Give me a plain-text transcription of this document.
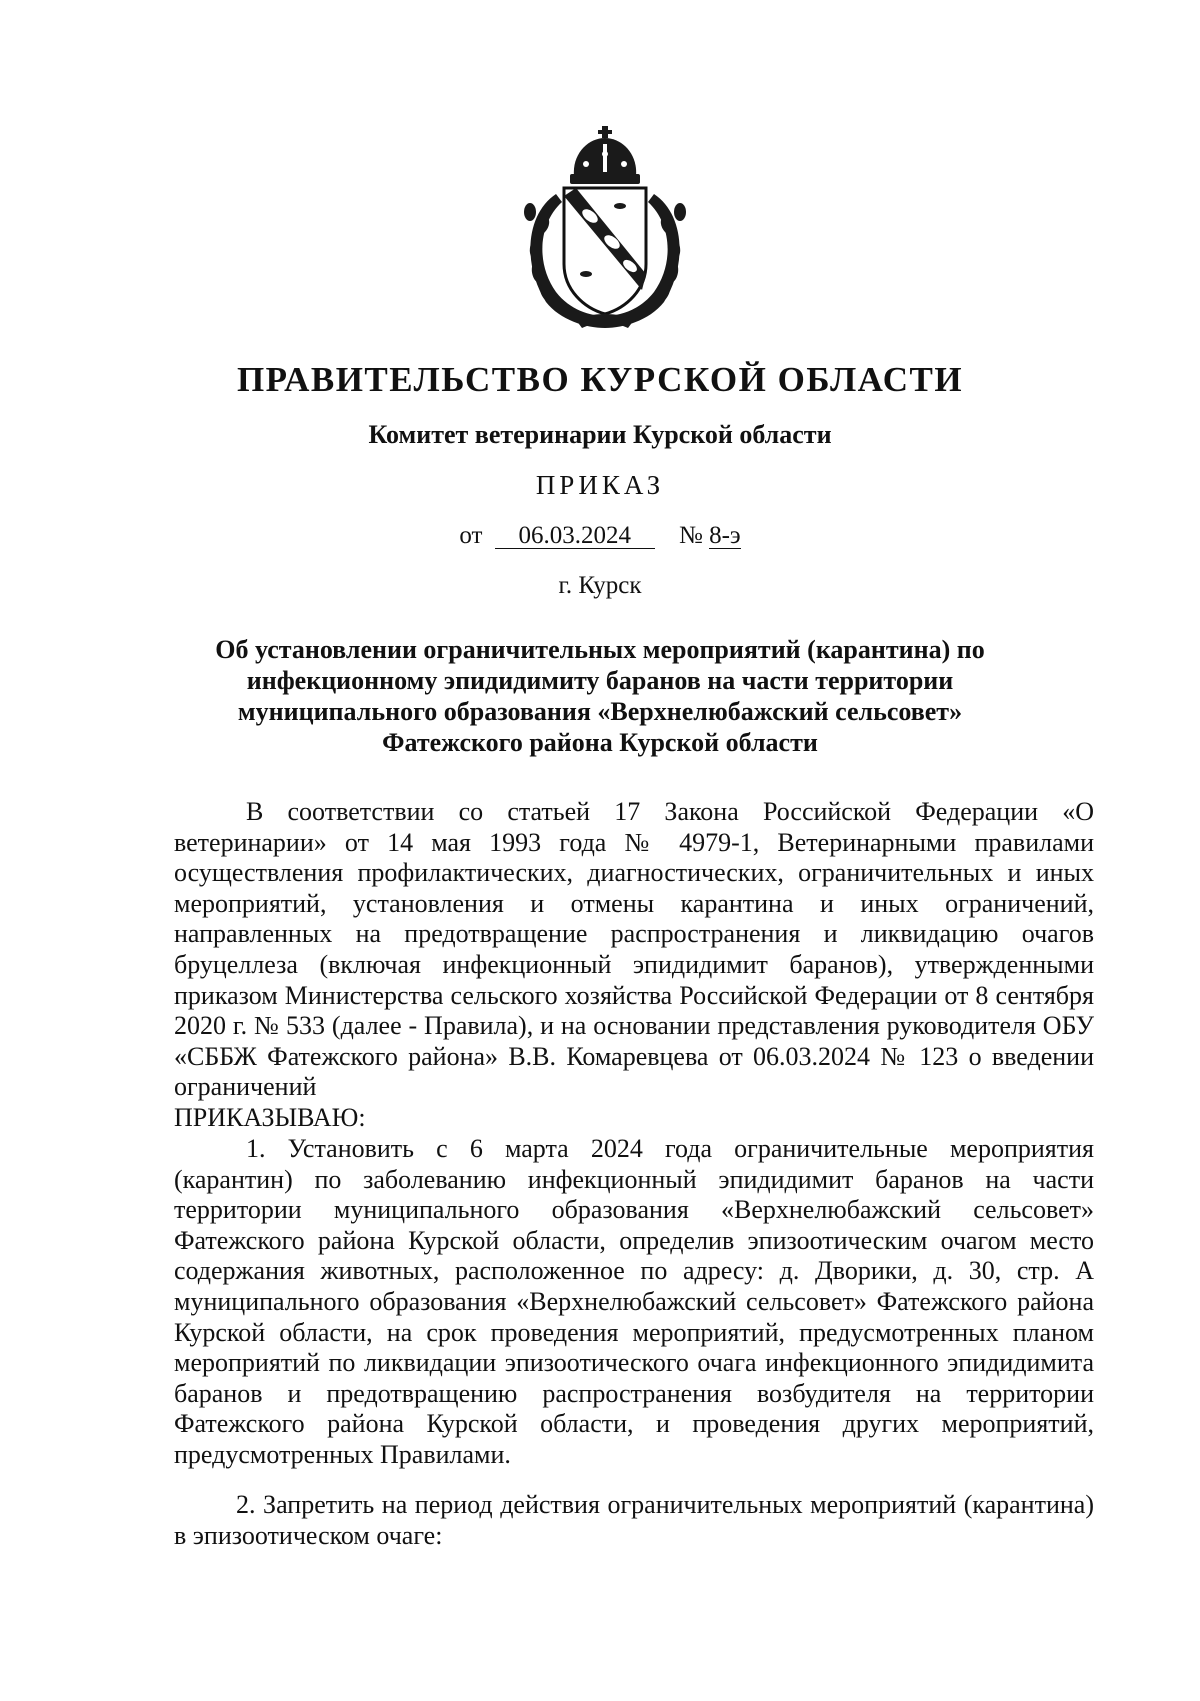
ПРАВИТЕЛЬСТВО КУРСКОЙ ОБЛАСТИ
Комитет ветеринарии Курской области
ПРИКАЗ
от 06.03.2024 № 8-э
г. Курск
Об установлении ограничительных мероприятий (карантина) по
инфекционному эпидидимиту баранов на части территории
муниципального образования «Верхнелюбажский сельсовет»
Фатежского района Курской области

В соответствии со статьей 17 Закона Российской Федерации «О ветеринарии» от 14 мая 1993 года № 4979-1, Ветеринарными правилами осуществления профилактических, диагностических, ограничительных и иных мероприятий, установления и отмены карантина и иных ограничений, направленных на предотвращение распространения и ликвидацию очагов бруцеллеза (включая инфекционный эпидидимит баранов), утвержденными приказом Министерства сельского хозяйства Российской Федерации от 8 сентября 2020 г. № 533 (далее - Правила), и на основании представления руководителя ОБУ «СББЖ Фатежского района» В.В. Комаревцева от 06.03.2024 № 123 о введении ограничений

ПРИКАЗЫВАЮ:

1. Установить с 6 марта 2024 года ограничительные мероприятия (карантин) по заболеванию инфекционный эпидидимит баранов на части территории муниципального образования «Верхнелюбажский сельсовет» Фатежского района Курской области, определив эпизоотическим очагом место содержания животных, расположенное по адресу: д. Дворики, д. 30, стр. А муниципального образования «Верхнелюбажский сельсовет» Фатежского района Курской области, на срок проведения мероприятий, предусмотренных планом мероприятий по ликвидации эпизоотического очага инфекционного эпидидимита баранов и предотвращению распространения возбудителя на территории Фатежского района Курской области, и проведения других мероприятий, предусмотренных Правилами.

2. Запретить на период действия ограничительных мероприятий (карантина) в эпизоотическом очаге:
